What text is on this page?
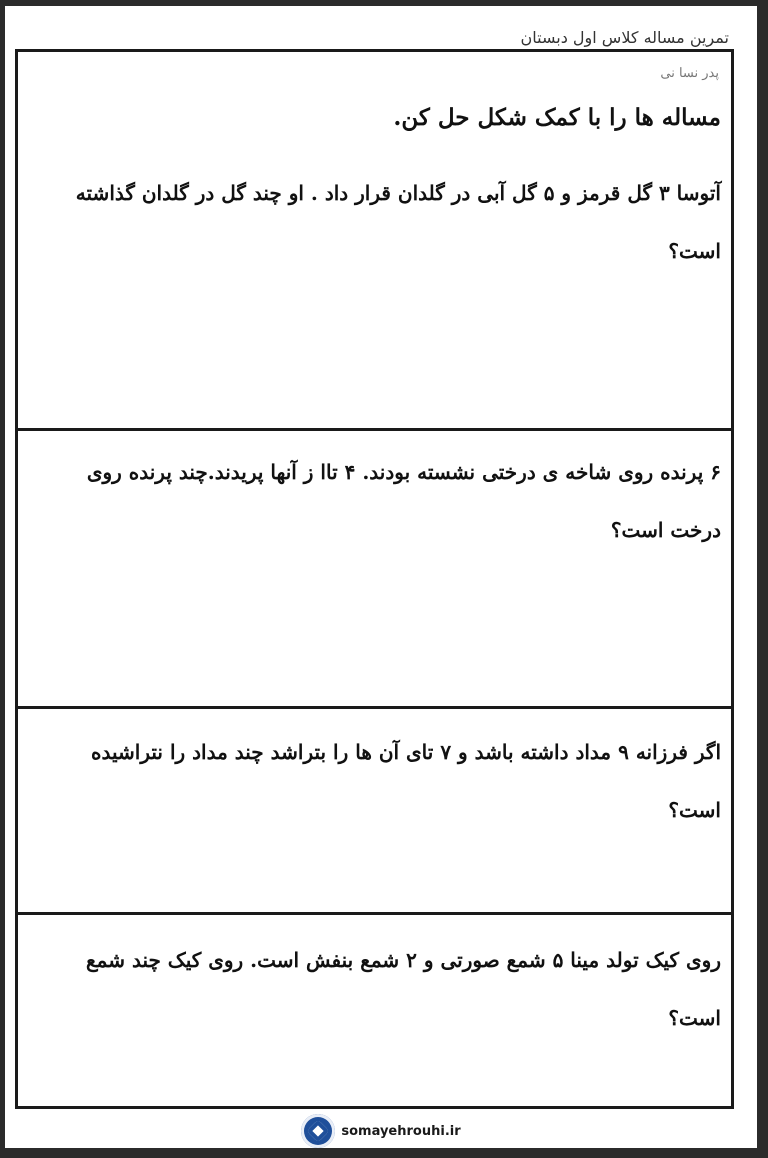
تمرین مساله کلاس اول دبستان
پدر نسا نی
مساله ها را با کمک شکل حل کن.
آتوسا ۳ گل قرمز و ۵ گل آبی در گلدان قرار داد . او چند گل در گلدان گذاشته است؟
۶ پرنده روی شاخه ی درختی نشسته بودند. ۴ تاا ز آنها پریدند.چند پرنده روی درخت است؟
اگر فرزانه ۹ مداد داشته باشد و ۷ تای آن ها را بتراشد چند مداد را نتراشیده است؟
روی کیک تولد مینا ۵ شمع صورتی و ۲ شمع بنفش است. روی کیک چند شمع است؟
somayehrouhi.ir
